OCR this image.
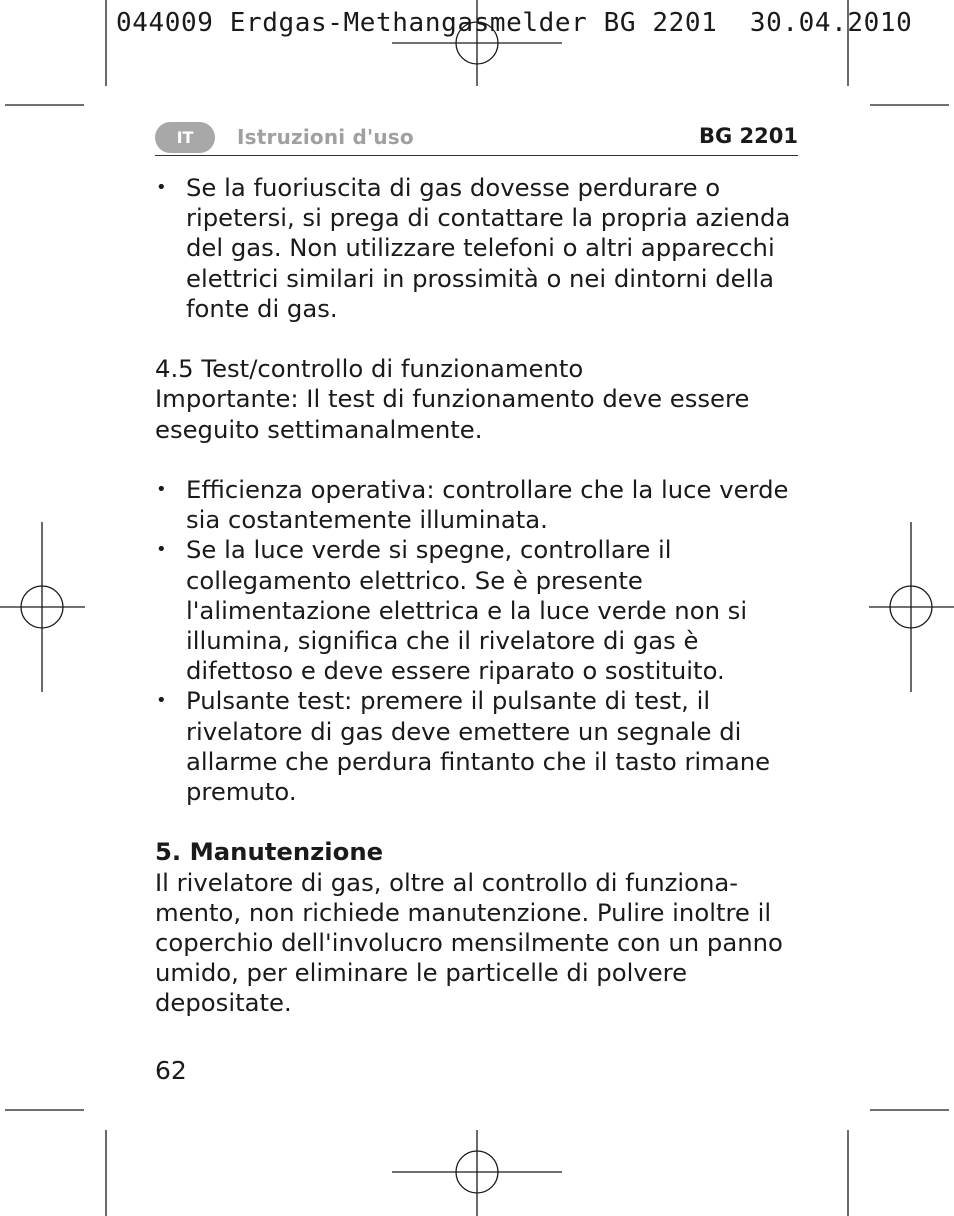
044009 Erdgas-Methangasmelder BG 2201  30.04.2010
IT	Istruzioni d'uso	BG 2201
• Se la fuoriuscita di gas dovesse perdurare o ripetersi, si prega di contattare la propria azienda del gas. Non utilizzare telefoni o altri apparecchi elettrici similari in prossimità o nei dintorni della fonte di gas.

4.5 Test/controllo di funzionamento

Importante: Il test di funzionamento deve essere eseguito settimanalmente.

• Efficienza operativa: controllare che la luce verde sia costantemente illuminata.
• Se la luce verde si spegne, controllare il collegamento elettrico. Se è presente l'alimentazione elettrica e la luce verde non si illumina, significa che il rivelatore di gas è difettoso e deve essere riparato o sostituito.
• Pulsante test: premere il pulsante di test, il rivelatore di gas deve emettere un segnale di allarme che perdura fintanto che il tasto rimane premuto.

5. Manutenzione

Il rivelatore di gas, oltre al controllo di funziona-mento, non richiede manutenzione. Pulire inoltre il coperchio dell'involucro mensilmente con un panno umido, per eliminare le particelle di polvere depositate.

62
